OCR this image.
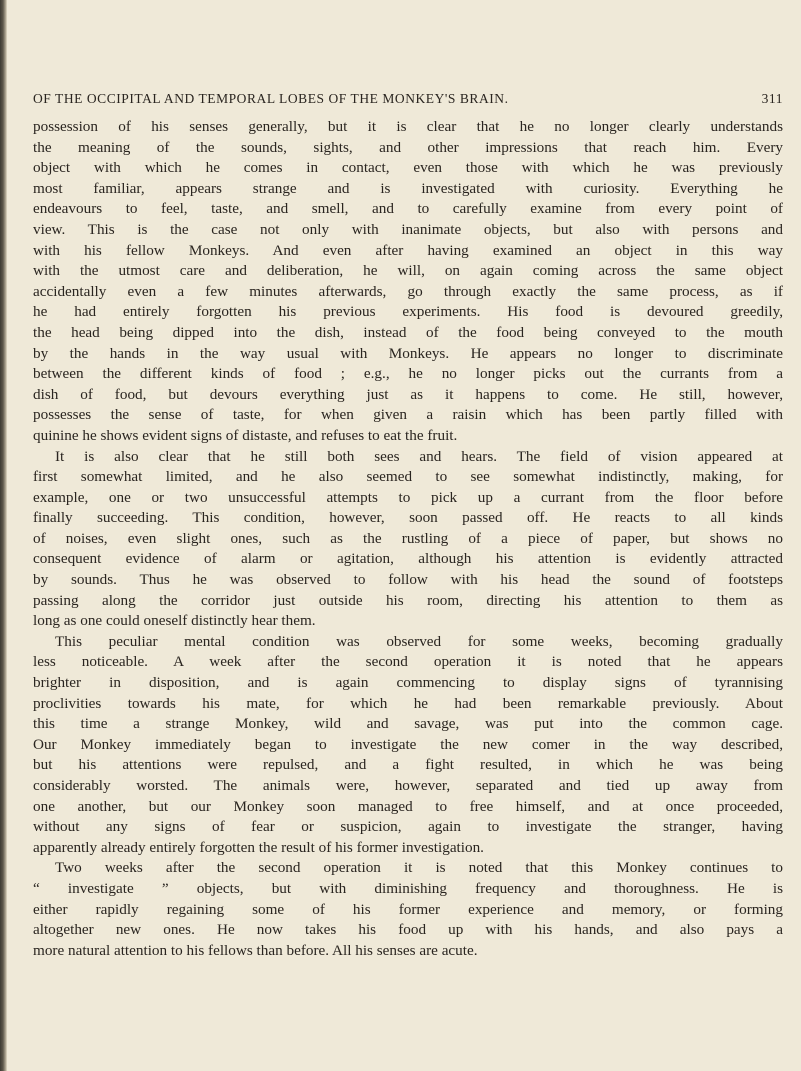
OF THE OCCIPITAL AND TEMPORAL LOBES OF THE MONKEY'S BRAIN.	311
possession of his senses generally, but it is clear that he no longer clearly understands
the meaning of the sounds, sights, and other impressions that reach him. Every
object with which he comes in contact, even those with which he was previously
most familiar, appears strange and is investigated with curiosity. Everything he
endeavours to feel, taste, and smell, and to carefully examine from every point of
view. This is the case not only with inanimate objects, but also with persons and
with his fellow Monkeys. And even after having examined an object in this way
with the utmost care and deliberation, he will, on again coming across the same object
accidentally even a few minutes afterwards, go through exactly the same process, as if
he had entirely forgotten his previous experiments. His food is devoured greedily,
the head being dipped into the dish, instead of the food being conveyed to the mouth
by the hands in the way usual with Monkeys. He appears no longer to discriminate
between the different kinds of food ; e.g., he no longer picks out the currants from a
dish of food, but devours everything just as it happens to come. He still, however,
possesses the sense of taste, for when given a raisin which has been partly filled with
quinine he shows evident signs of distaste, and refuses to eat the fruit.
It is also clear that he still both sees and hears. The field of vision appeared at
first somewhat limited, and he also seemed to see somewhat indistinctly, making, for
example, one or two unsuccessful attempts to pick up a currant from the floor before
finally succeeding. This condition, however, soon passed off. He reacts to all kinds
of noises, even slight ones, such as the rustling of a piece of paper, but shows no
consequent evidence of alarm or agitation, although his attention is evidently attracted
by sounds. Thus he was observed to follow with his head the sound of footsteps
passing along the corridor just outside his room, directing his attention to them as
long as one could oneself distinctly hear them.
This peculiar mental condition was observed for some weeks, becoming gradually
less noticeable. A week after the second operation it is noted that he appears
brighter in disposition, and is again commencing to display signs of tyrannising
proclivities towards his mate, for which he had been remarkable previously. About
this time a strange Monkey, wild and savage, was put into the common cage.
Our Monkey immediately began to investigate the new comer in the way described,
but his attentions were repulsed, and a fight resulted, in which he was being
considerably worsted. The animals were, however, separated and tied up away from
one another, but our Monkey soon managed to free himself, and at once proceeded,
without any signs of fear or suspicion, again to investigate the stranger, having
apparently already entirely forgotten the result of his former investigation.
Two weeks after the second operation it is noted that this Monkey continues to
“ investigate ” objects, but with diminishing frequency and thoroughness. He is
either rapidly regaining some of his former experience and memory, or forming
altogether new ones. He now takes his food up with his hands, and also pays a
more natural attention to his fellows than before. All his senses are acute.
